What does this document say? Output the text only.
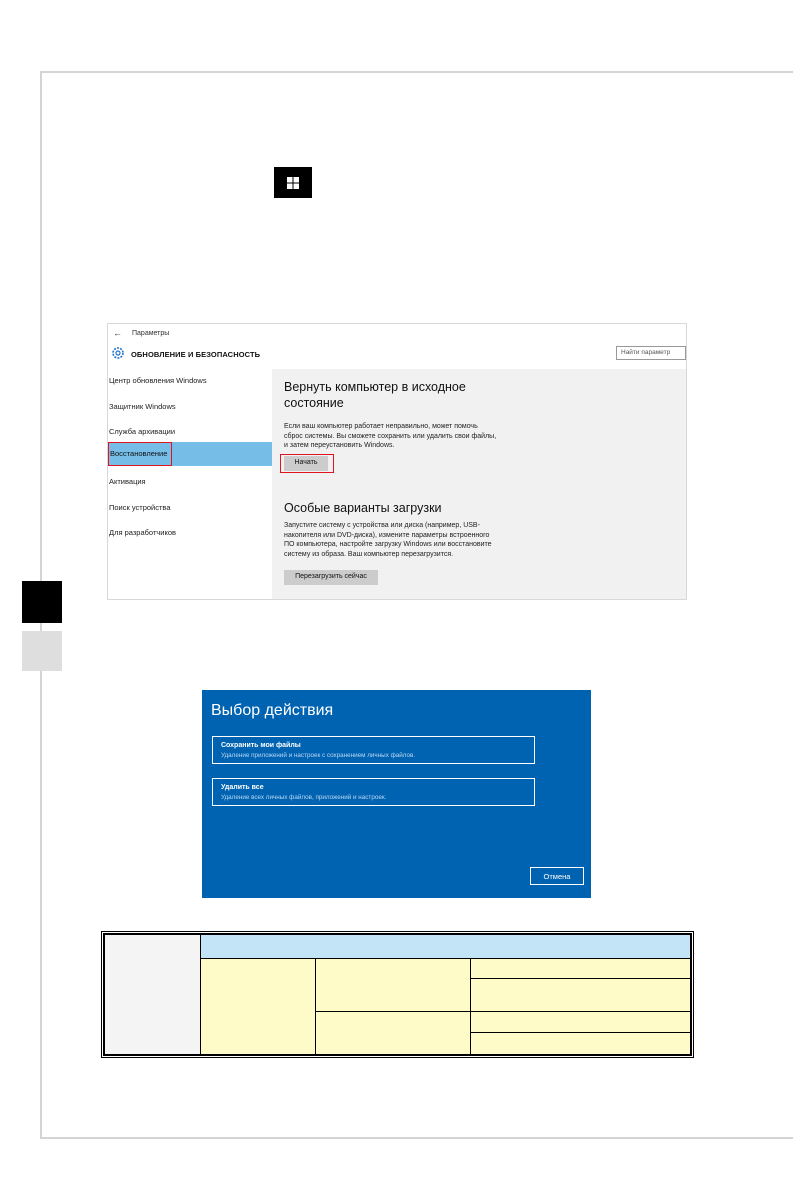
← Параметры
ОБНОВЛЕНИЕ И БЕЗОПАСНОСТЬ	Найти параметр
Центр обновления Windows
Защитник Windows
Служба архивации
Восстановление
Активация
Поиск устройства
Для разработчиков
Вернуть компьютер в исходное
состояние
Если ваш компьютер работает неправильно, может помочь
сброс системы. Вы сможете сохранить или удалить свои файлы,
и затем переустановить Windows.
Начать
Особые варианты загрузки
Запустите систему с устройства или диска (например, USB-
накопителя или DVD-диска), измените параметры встроенного
ПО компьютера, настройте загрузку Windows или восстановите
систему из образа. Ваш компьютер перезагрузится.
Перезагрузить сейчас
Выбор действия
Сохранить мои файлы
Удаление приложений и настроек с сохранением личных файлов.
Удалить все
Удаление всех личных файлов, приложений и настроек.
Отмена
